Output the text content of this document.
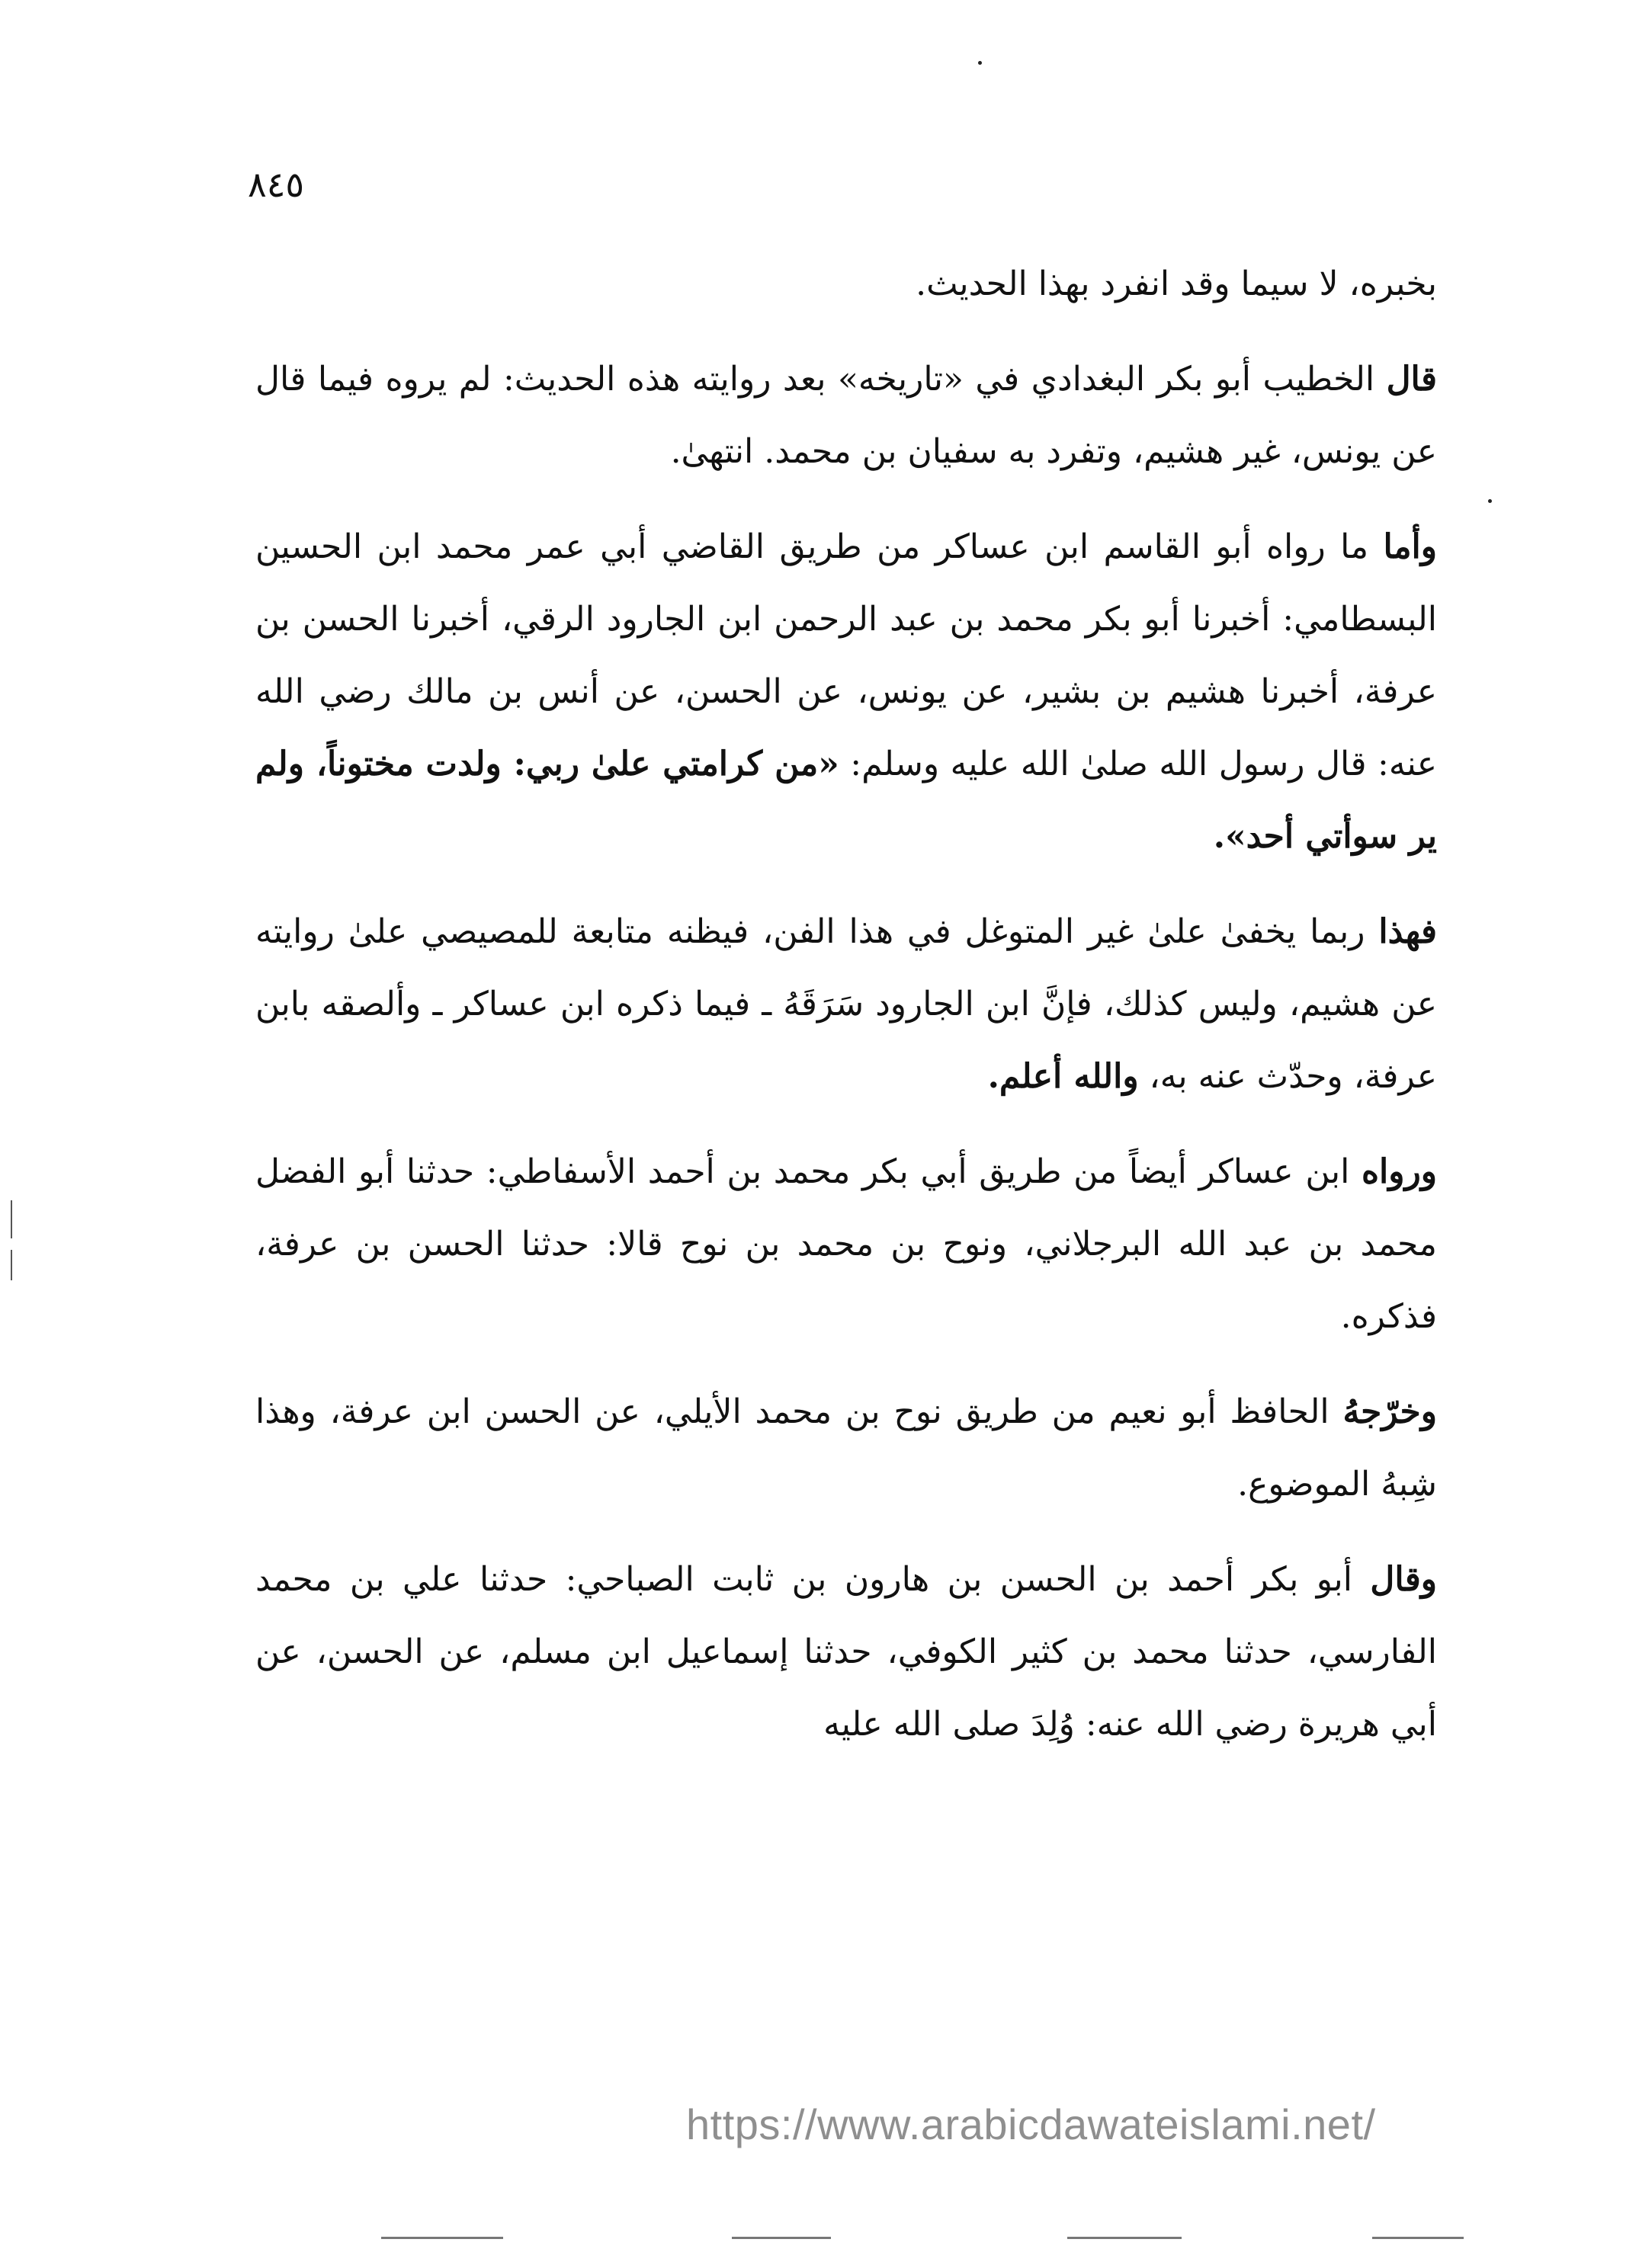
٨٤٥

بخبره، لا سيما وقد انفرد بهذا الحديث.

قال الخطيب أبو بكر البغدادي في «تاريخه» بعد روايته هذه الحديث: لم يروه فيما قال عن يونس، غير هشيم، وتفرد به سفيان بن محمد. انتهىٰ.

وأما ما رواه أبو القاسم ابن عساكر من طريق القاضي أبي عمر محمد ابن الحسين البسطامي: أخبرنا أبو بكر محمد بن عبد الرحمن ابن الجارود الرقي، أخبرنا الحسن بن عرفة، أخبرنا هشيم بن بشير، عن يونس، عن الحسن، عن أنس بن مالك رضي الله عنه: قال رسول الله صلىٰ الله عليه وسلم: «من كرامتي علىٰ ربي: ولدت مختوناً، ولم ير سوأتي أحد».

فهذا ربما يخفىٰ علىٰ غير المتوغل في هذا الفن، فيظنه متابعة للمصيصي علىٰ روايته عن هشيم، وليس كذلك، فإنَّ ابن الجارود سَرَقَهُ ـ فيما ذكره ابن عساكر ـ وألصقه بابن عرفة، وحدّث عنه به، والله أعلم.

ورواه ابن عساكر أيضاً من طريق أبي بكر محمد بن أحمد الأسفاطي: حدثنا أبو الفضل محمد بن عبد الله البرجلاني، ونوح بن محمد بن نوح قالا: حدثنا الحسن بن عرفة، فذكره.

وخرّجهُ الحافظ أبو نعيم من طريق نوح بن محمد الأيلي، عن الحسن ابن عرفة، وهذا شِبهُ الموضوع.

وقال أبو بكر أحمد بن الحسن بن هارون بن ثابت الصباحي: حدثنا علي بن محمد الفارسي، حدثنا محمد بن كثير الكوفي، حدثنا إسماعيل ابن مسلم، عن الحسن، عن أبي هريرة رضي الله عنه: وُلِدَ صلى الله عليه

https://www.arabicdawateislami.net/
